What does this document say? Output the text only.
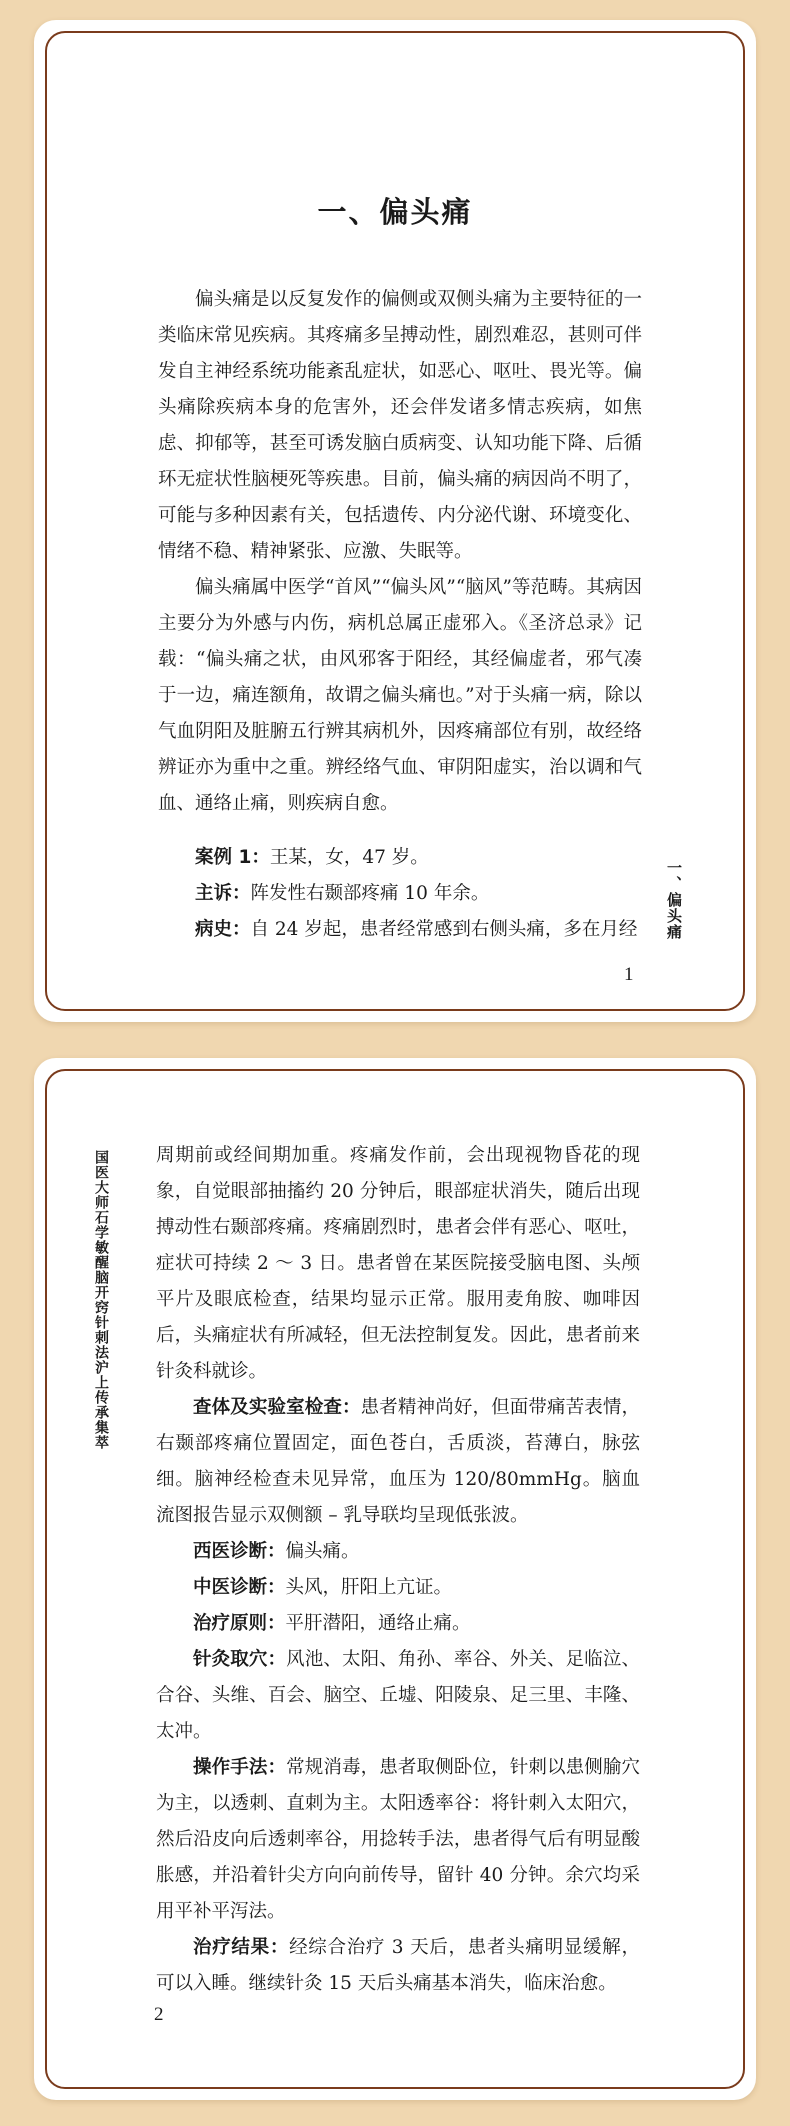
一、偏头痛

偏头痛是以反复发作的偏侧或双侧头痛为主要特征的一类临床常见疾病。其疼痛多呈搏动性，剧烈难忍，甚则可伴发自主神经系统功能紊乱症状，如恶心、呕吐、畏光等。偏头痛除疾病本身的危害外，还会伴发诸多情志疾病，如焦虑、抑郁等，甚至可诱发脑白质病变、认知功能下降、后循环无症状性脑梗死等疾患。目前，偏头痛的病因尚不明了，可能与多种因素有关，包括遗传、内分泌代谢、环境变化、情绪不稳、精神紧张、应激、失眠等。

偏头痛属中医学“首风”“偏头风”“脑风”等范畴。其病因主要分为外感与内伤，病机总属正虚邪入。《圣济总录》记载：“偏头痛之状，由风邪客于阳经，其经偏虚者，邪气凑于一边，痛连额角，故谓之偏头痛也。”对于头痛一病，除以气血阴阳及脏腑五行辨其病机外，因疼痛部位有别，故经络辨证亦为重中之重。辨经络气血、审阴阳虚实，治以调和气血、通络止痛，则疾病自愈。

案例 1：王某，女，47 岁。

主诉：阵发性右颞部疼痛 10 年余。

病史：自 24 岁起，患者经常感到右侧头痛，多在月经	一、偏头痛
1
国医大师石学敏醒脑开窍针刺法沪上传承集萃	周期前或经间期加重。疼痛发作前，会出现视物昏花的现象，自觉眼部抽搐约 20 分钟后，眼部症状消失，随后出现搏动性右颞部疼痛。疼痛剧烈时，患者会伴有恶心、呕吐，症状可持续 2 ～ 3 日。患者曾在某医院接受脑电图、头颅平片及眼底检查，结果均显示正常。服用麦角胺、咖啡因后，头痛症状有所减轻，但无法控制复发。因此，患者前来针灸科就诊。

查体及实验室检查：患者精神尚好，但面带痛苦表情，右颞部疼痛位置固定，面色苍白，舌质淡，苔薄白，脉弦细。脑神经检查未见异常，血压为 120/80mmHg。脑血流图报告显示双侧额 – 乳导联均呈现低张波。

西医诊断：偏头痛。

中医诊断：头风，肝阳上亢证。

治疗原则：平肝潜阳，通络止痛。

针灸取穴：风池、太阳、角孙、率谷、外关、足临泣、合谷、头维、百会、脑空、丘墟、阳陵泉、足三里、丰隆、太冲。

操作手法：常规消毒，患者取侧卧位，针刺以患侧腧穴为主，以透刺、直刺为主。太阳透率谷：将针刺入太阳穴，然后沿皮向后透刺率谷，用捻转手法，患者得气后有明显酸胀感，并沿着针尖方向向前传导，留针 40 分钟。余穴均采用平补平泻法。

治疗结果：经综合治疗 3 天后，患者头痛明显缓解，可以入睡。继续针灸 15 天后头痛基本消失，临床治愈。

2
